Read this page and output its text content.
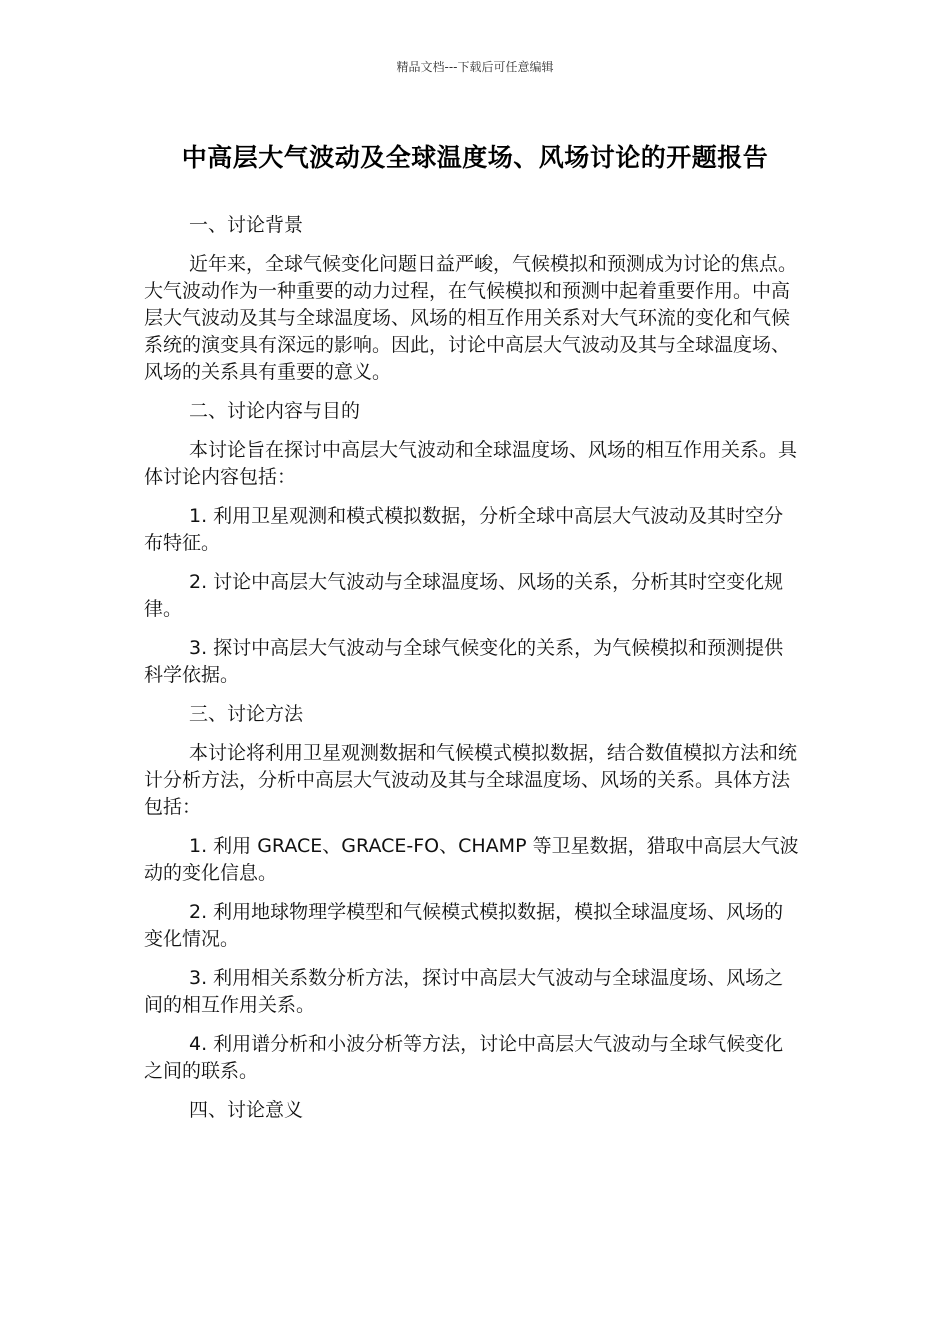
精品文档---下载后可任意编辑
中高层大气波动及全球温度场、风场讨论的开题报告

一、讨论背景

近年来，全球气候变化问题日益严峻，气候模拟和预测成为讨论的焦点。大气波动作为一种重要的动力过程，在气候模拟和预测中起着重要作用。中高层大气波动及其与全球温度场、风场的相互作用关系对大气环流的变化和气候系统的演变具有深远的影响。因此，讨论中高层大气波动及其与全球温度场、风场的关系具有重要的意义。

二、讨论内容与目的

本讨论旨在探讨中高层大气波动和全球温度场、风场的相互作用关系。具体讨论内容包括：

1. 利用卫星观测和模式模拟数据，分析全球中高层大气波动及其时空分布特征。

2. 讨论中高层大气波动与全球温度场、风场的关系，分析其时空变化规律。

3. 探讨中高层大气波动与全球气候变化的关系，为气候模拟和预测提供科学依据。

三、讨论方法

本讨论将利用卫星观测数据和气候模式模拟数据，结合数值模拟方法和统计分析方法，分析中高层大气波动及其与全球温度场、风场的关系。具体方法包括：

1. 利用 GRACE、GRACE-FO、CHAMP 等卫星数据，猎取中高层大气波动的变化信息。

2. 利用地球物理学模型和气候模式模拟数据，模拟全球温度场、风场的变化情况。

3. 利用相关系数分析方法，探讨中高层大气波动与全球温度场、风场之间的相互作用关系。

4. 利用谱分析和小波分析等方法，讨论中高层大气波动与全球气候变化之间的联系。

四、讨论意义
